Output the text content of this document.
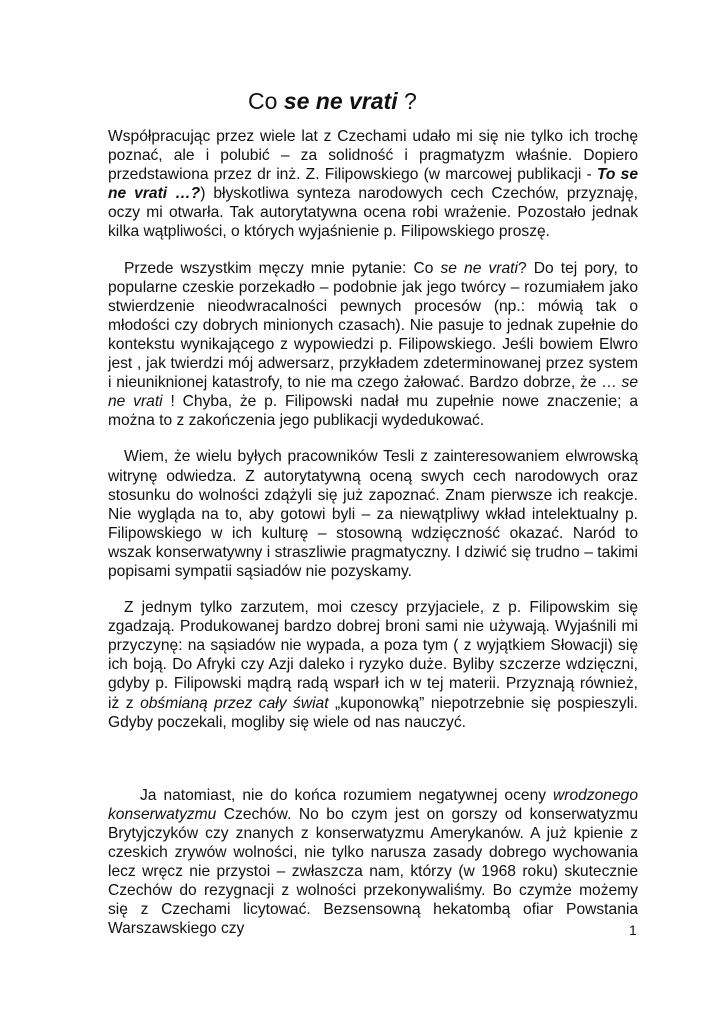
Co se ne vrati ?

Współpracując przez wiele lat z Czechami udało mi się nie tylko ich trochę poznać, ale i polubić – za solidność i pragmatyzm właśnie. Dopiero przedstawiona przez dr inż. Z. Filipowskiego (w marcowej publikacji - To se ne vrati …?) błyskotliwa synteza narodowych cech Czechów, przyznaję, oczy mi otwarła. Tak autorytatywna ocena robi wrażenie. Pozostało jednak kilka wątpliwości, o których wyjaśnienie p. Filipowskiego proszę.

Przede wszystkim męczy mnie pytanie: Co se ne vrati? Do tej pory, to popularne czeskie porzekadło – podobnie jak jego twórcy – rozumiałem jako stwierdzenie nieodwracalności pewnych procesów (np.: mówią tak o młodości czy dobrych minionych czasach). Nie pasuje to jednak zupełnie do kontekstu wynikającego z wypowiedzi p. Filipowskiego. Jeśli bowiem Elwro jest , jak twierdzi mój adwersarz, przykładem zdeterminowanej przez system i nieuniknionej katastrofy, to nie ma czego żałować. Bardzo dobrze, że … se ne vrati ! Chyba, że p. Filipowski nadał mu zupełnie nowe znaczenie; a można to z zakończenia jego publikacji wydedukować.

Wiem, że wielu byłych pracowników Tesli z zainteresowaniem elwrowską witrynę odwiedza. Z autorytatywną oceną swych cech narodowych oraz stosunku do wolności zdążyli się już zapoznać. Znam pierwsze ich reakcje. Nie wygląda na to, aby gotowi byli – za niewątpliwy wkład intelektualny p. Filipowskiego w ich kulturę – stosowną wdzięczność okazać. Naród to wszak konserwatywny i straszliwie pragmatyczny. I dziwić się trudno – takimi popisami sympatii sąsiadów nie pozyskamy.

Z jednym tylko zarzutem, moi czescy przyjaciele, z p. Filipowskim się zgadzają. Produkowanej bardzo dobrej broni sami nie używają. Wyjaśnili mi przyczynę: na sąsiadów nie wypada, a poza tym ( z wyjątkiem Słowacji) się ich boją. Do Afryki czy Azji daleko i ryzyko duże. Byliby szczerze wdzięczni, gdyby p. Filipowski mądrą radą wsparł ich w tej materii. Przyznają również, iż z obśmianą przez cały świat „kuponowką” niepotrzebnie się pospieszyli. Gdyby poczekali, mogliby się wiele od nas nauczyć.

Ja natomiast, nie do końca rozumiem negatywnej oceny wrodzonego konserwatyzmu Czechów. No bo czym jest on gorszy od konserwatyzmu Brytyjczyków czy znanych z konserwatyzmu Amerykanów. A już kpienie z czeskich zrywów wolności, nie tylko narusza zasady dobrego wychowania lecz wręcz nie przystoi – zwłaszcza nam, którzy (w 1968 roku) skutecznie Czechów do rezygnacji z wolności przekonywaliśmy. Bo czymże możemy się z Czechami licytować. Bezsensowną hekatombą ofiar Powstania Warszawskiego czy	1
